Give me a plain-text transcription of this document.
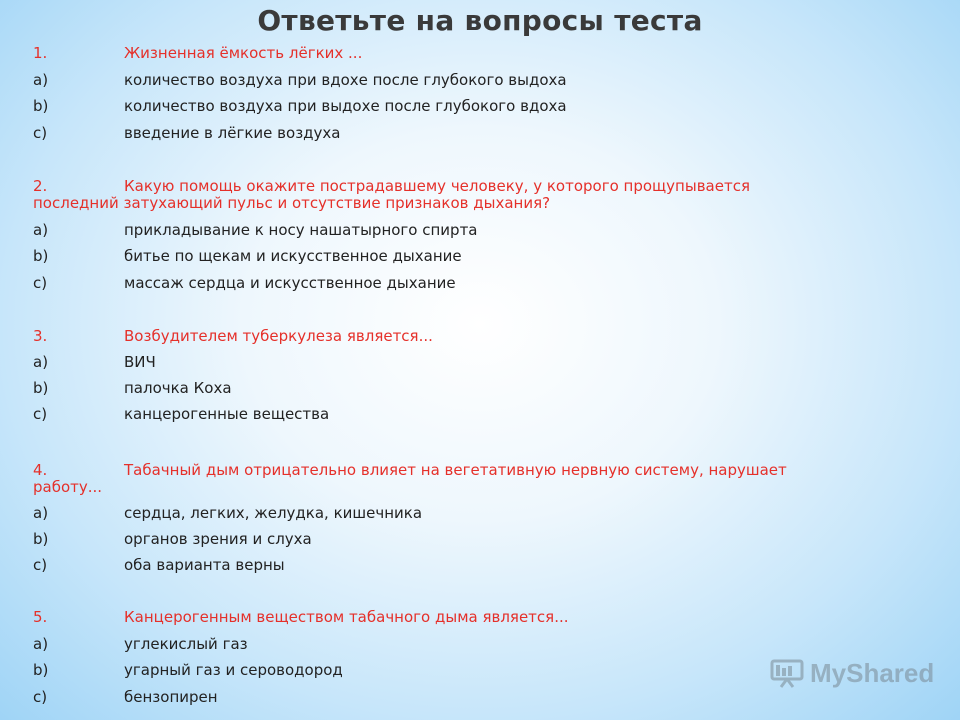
Ответьте на вопросы теста
1.	Жизненная ёмкость лёгких ...
a)	количество воздуха при вдохе после глубокого выдоха
b)	количество воздуха при выдохе после глубокого вдоха
c)	введение в лёгкие воздуха
2.	Какую помощь окажите пострадавшему человеку, у которого прощупывается
последний затухающий пульс и отсутствие признаков дыхания?
a)	прикладывание к носу нашатырного спирта
b)	битье по щекам и искусственное дыхание
c)	массаж сердца и искусственное дыхание
3.	Возбудителем туберкулеза является...
a)	ВИЧ
b)	палочка Коха
c)	канцерогенные вещества
4.	Табачный дым отрицательно влияет на вегетативную нервную систему, нарушает
работу...
a)	сердца, легких, желудка, кишечника
b)	органов зрения и слуха
c)	оба варианта верны
5.	Канцерогенным веществом табачного дыма является...
a)	углекислый газ
b)	угарный газ и сероводород
c)	бензопирен
MyShared
